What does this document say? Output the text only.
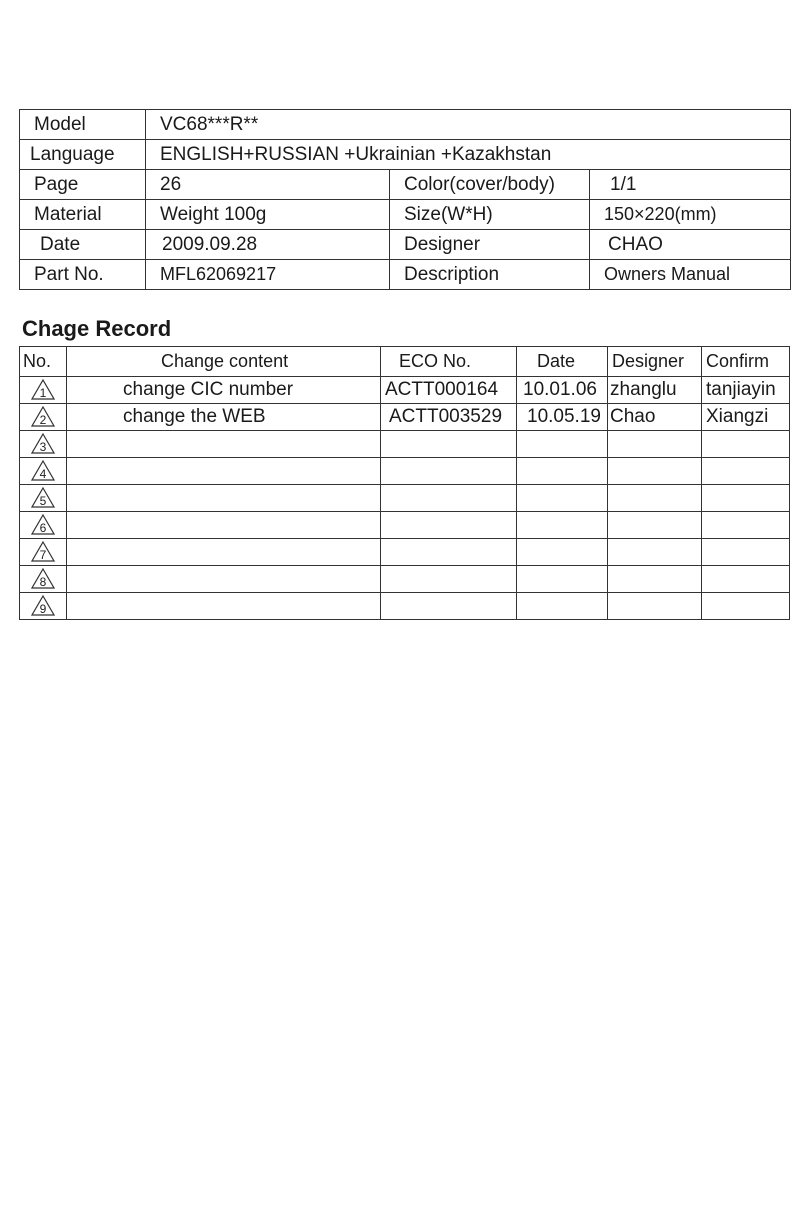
Model	VC68***R**		
Language	ENGLISH+RUSSIAN +Ukrainian +Kazakhstan		
Page	26	Color(cover/body)	1/1
Material	Weight 100g	Size(W*H)	150×220(mm)
Date	2009.09.28	Designer	CHAO
Part No.	MFL62069217	Description	Owners Manual
Chage Record
No.	Change content	ECO No.	Date	Designer	Confirm

1	change CIC number	ACTT000164	10.01.06	zhanglu	tanjiayin

2	change the WEB	ACTT003529	10.05.19	Chao	Xiangzi

3					

4					

5					

6					

7					

8					

9					
